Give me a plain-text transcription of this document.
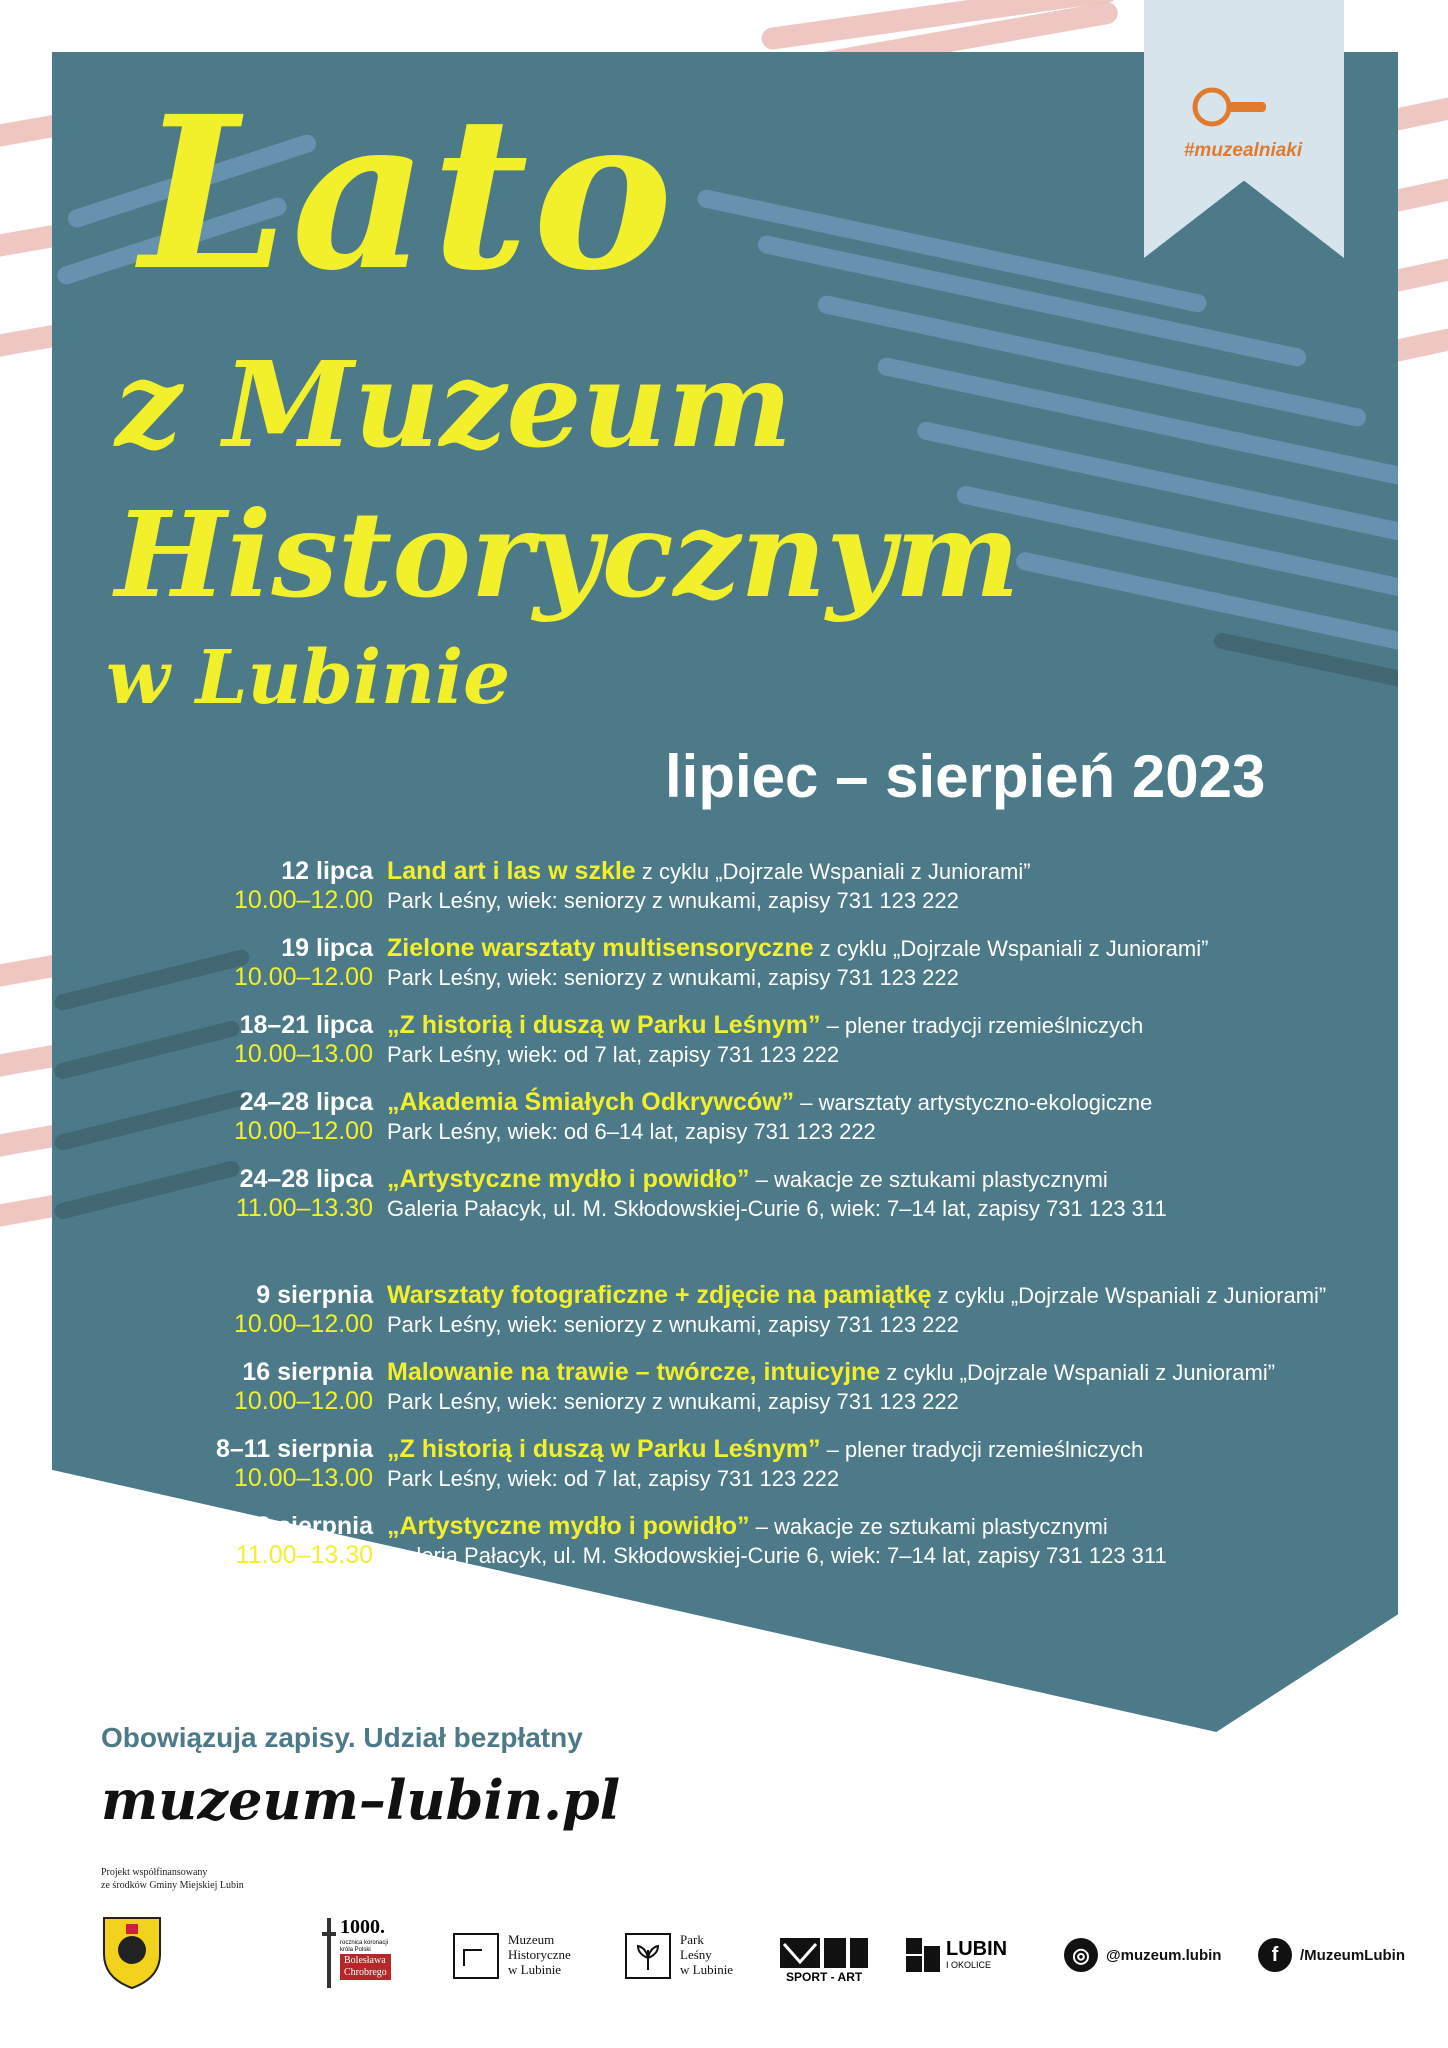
#muzealniaki
Lato
z Muzeum
Historycznym
w Lubinie
lipiec – sierpień 2023
12 lipca
10.00–12.00
Land art i las w szkle z cyklu „Dojrzale Wspaniali z Juniorami”
Park Leśny, wiek: seniorzy z wnukami, zapisy 731 123 222
19 lipca
10.00–12.00
Zielone warsztaty multisensoryczne z cyklu „Dojrzale Wspaniali z Juniorami”
Park Leśny, wiek: seniorzy z wnukami, zapisy 731 123 222
18–21 lipca
10.00–13.00
„Z historią i duszą w Parku Leśnym” – plener tradycji rzemieślniczych
Park Leśny, wiek: od 7 lat, zapisy 731 123 222
24–28 lipca
10.00–12.00
„Akademia Śmiałych Odkrywców” – warsztaty artystyczno-ekologiczne
Park Leśny, wiek: od 6–14 lat, zapisy 731 123 222
24–28 lipca
11.00–13.30
„Artystyczne mydło i powidło” – wakacje ze sztukami plastycznymi
Galeria Pałacyk, ul. M. Skłodowskiej-Curie 6, wiek: 7–14 lat, zapisy 731 123 311
9 sierpnia
10.00–12.00
Warsztaty fotograficzne + zdjęcie na pamiątkę z cyklu „Dojrzale Wspaniali z Juniorami”
Park Leśny, wiek: seniorzy z wnukami, zapisy 731 123 222
16 sierpnia
10.00–12.00
Malowanie na trawie – twórcze, intuicyjne z cyklu „Dojrzale Wspaniali z Juniorami”
Park Leśny, wiek: seniorzy z wnukami, zapisy 731 123 222
8–11 sierpnia
10.00–13.00
„Z historią i duszą w Parku Leśnym” – plener tradycji rzemieślniczych
Park Leśny, wiek: od 7 lat, zapisy 731 123 222
16–18 sierpnia
11.00–13.30
„Artystyczne mydło i powidło” – wakacje ze sztukami plastycznymi
Galeria Pałacyk, ul. M. Skłodowskiej-Curie 6, wiek: 7–14 lat, zapisy 731 123 311
Obowiązuja zapisy. Udział bezpłatny
muzeum–lubin.pl
Projekt współfinansowany
ze środków Gminy Miejskiej Lubin
1000.
rocznica koronacji króla Polski
Bolesława
Chrobrego
Muzeum
Historyczne
w Lubinie
Park
Leśny
w Lubinie	SPORT - ART
LUBIN
I OKOLICE	◎	@muzeum.lubin	f	/MuzeumLubin
